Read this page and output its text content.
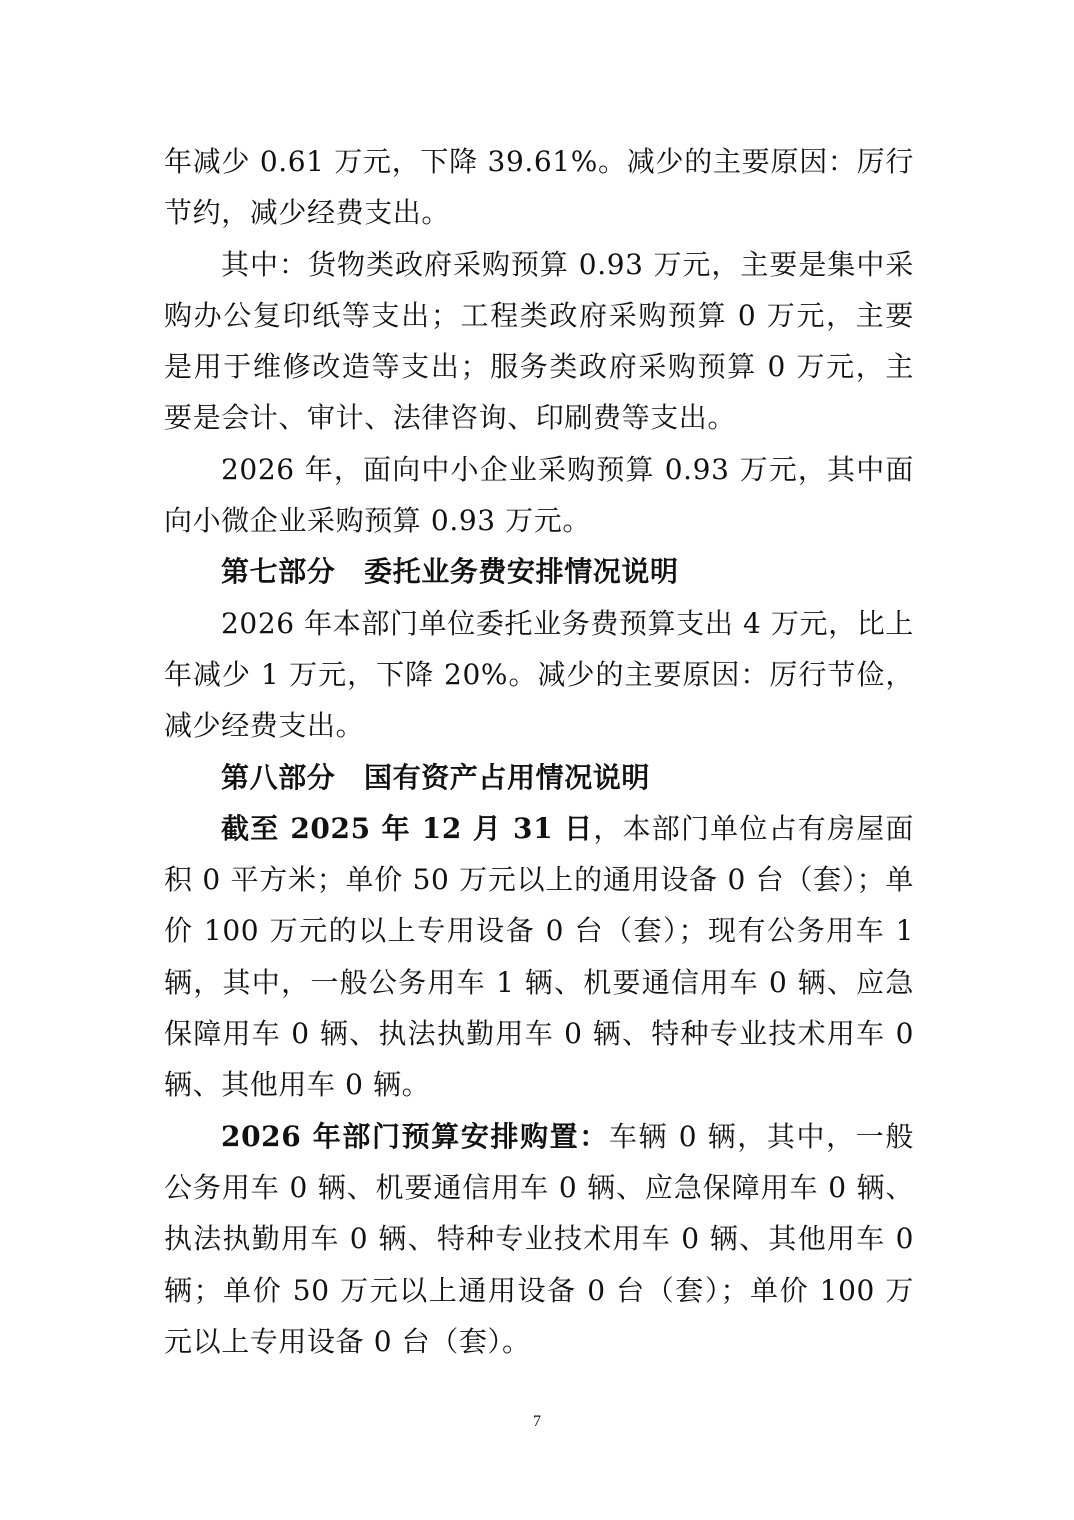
年减少 0.61 万元，下降 39.61%。减少的主要原因：厉行节约，减少经费支出。

其中：货物类政府采购预算 0.93 万元，主要是集中采购办公复印纸等支出；工程类政府采购预算 0 万元，主要是用于维修改造等支出；服务类政府采购预算 0 万元，主要是会计、审计、法律咨询、印刷费等支出。

2026 年，面向中小企业采购预算 0.93 万元，其中面向小微企业采购预算 0.93 万元。

第七部分　委托业务费安排情况说明

2026 年本部门单位委托业务费预算支出 4 万元，比上年减少 1 万元，下降 20%。减少的主要原因：厉行节俭，减少经费支出。

第八部分　国有资产占用情况说明

截至 2025 年 12 月 31 日，本部门单位占有房屋面积 0 平方米；单价 50 万元以上的通用设备 0 台（套）；单价 100 万元的以上专用设备 0 台（套）；现有公务用车 1 辆，其中，一般公务用车 1 辆、机要通信用车 0 辆、应急保障用车 0 辆、执法执勤用车 0 辆、特种专业技术用车 0 辆、其他用车 0 辆。

2026 年部门预算安排购置：车辆 0 辆，其中，一般公务用车 0 辆、机要通信用车 0 辆、应急保障用车 0 辆、执法执勤用车 0 辆、特种专业技术用车 0 辆、其他用车 0 辆；单价 50 万元以上通用设备 0 台（套）；单价 100 万元以上专用设备 0 台（套）。

7
